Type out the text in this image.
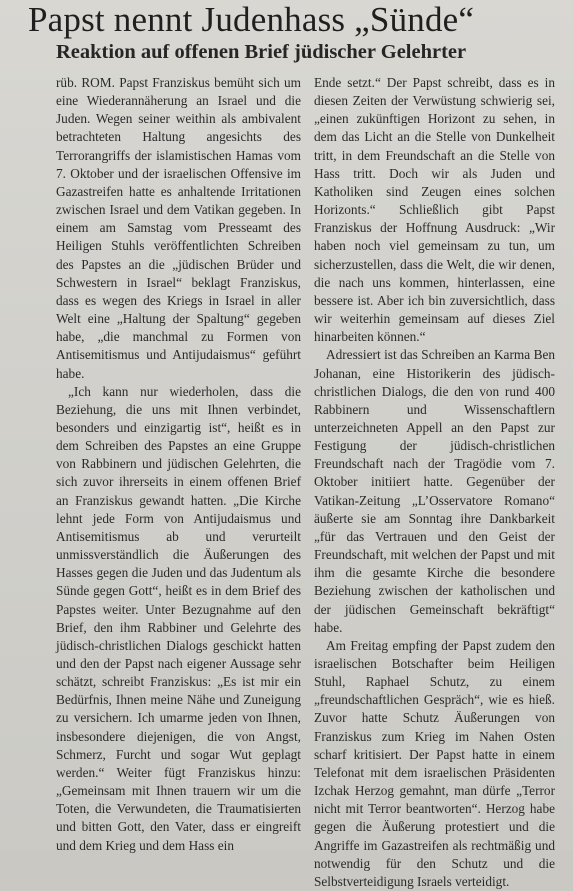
Papst nennt Judenhass „Sünde“
Reaktion auf offenen Brief jüdischer Gelehrter

rüb. ROM. Papst Franziskus bemüht sich um eine Wiederannäherung an Israel und die Juden. Wegen seiner weithin als ambivalent betrachteten Haltung angesichts des Terrorangriffs der islamistischen Hamas vom 7. Oktober und der israelischen Offensive im Gazastreifen hatte es anhaltende Irritationen zwischen Israel und dem Vatikan gegeben. In einem am Samstag vom Presseamt des Heiligen Stuhls veröffentlichten Schreiben des Papstes an die „jüdischen Brüder und Schwestern in Israel“ beklagt Franziskus, dass es wegen des Kriegs in Israel in aller Welt eine „Haltung der Spaltung“ gegeben habe, „die manchmal zu Formen von Antisemitismus und Antijudaismus“ geführt habe.

„Ich kann nur wiederholen, dass die Beziehung, die uns mit Ihnen verbindet, besonders und einzigartig ist“, heißt es in dem Schreiben des Papstes an eine Gruppe von Rabbinern und jüdischen Gelehrten, die sich zuvor ihrerseits in einem offenen Brief an Franziskus gewandt hatten. „Die Kirche lehnt jede Form von Antijudaismus und Antisemitismus ab und verurteilt unmissverständlich die Äußerungen des Hasses gegen die Juden und das Judentum als Sünde gegen Gott“, heißt es in dem Brief des Papstes weiter. Unter Bezugnahme auf den Brief, den ihm Rabbiner und Gelehrte des jüdisch-christlichen Dialogs geschickt hatten und den der Papst nach eigener Aussage sehr schätzt, schreibt Franziskus: „Es ist mir ein Bedürfnis, Ihnen meine Nähe und Zuneigung zu versichern. Ich umarme jeden von Ihnen, insbesondere diejenigen, die von Angst, Schmerz, Furcht und sogar Wut geplagt werden.“ Weiter fügt Franziskus hinzu: „Gemeinsam mit Ihnen trauern wir um die Toten, die Verwundeten, die Traumatisierten und bitten Gott, den Vater, dass er eingreift und dem Krieg und dem Hass ein

Ende setzt.“ Der Papst schreibt, dass es in diesen Zeiten der Verwüstung schwierig sei, „einen zukünftigen Horizont zu sehen, in dem das Licht an die Stelle von Dunkelheit tritt, in dem Freundschaft an die Stelle von Hass tritt. Doch wir als Juden und Katholiken sind Zeugen eines solchen Horizonts.“ Schließlich gibt Papst Franziskus der Hoffnung Ausdruck: „Wir haben noch viel gemeinsam zu tun, um sicherzustellen, dass die Welt, die wir denen, die nach uns kommen, hinterlassen, eine bessere ist. Aber ich bin zuversichtlich, dass wir weiterhin gemeinsam auf dieses Ziel hinarbeiten können.“

Adressiert ist das Schreiben an Karma Ben Johanan, eine Historikerin des jüdisch-christlichen Dialogs, die den von rund 400 Rabbinern und Wissenschaftlern unterzeichneten Appell an den Papst zur Festigung der jüdisch-christlichen Freundschaft nach der Tragödie vom 7. Oktober initiiert hatte. Gegenüber der Vatikan-Zeitung „L’Osservatore Romano“ äußerte sie am Sonntag ihre Dankbarkeit „für das Vertrauen und den Geist der Freundschaft, mit welchen der Papst und mit ihm die gesamte Kirche die besondere Beziehung zwischen der katholischen und der jüdischen Gemeinschaft bekräftigt“ habe.

Am Freitag empfing der Papst zudem den israelischen Botschafter beim Heiligen Stuhl, Raphael Schutz, zu einem „freundschaftlichen Gespräch“, wie es hieß. Zuvor hatte Schutz Äußerungen von Franziskus zum Krieg im Nahen Osten scharf kritisiert. Der Papst hatte in einem Telefonat mit dem israelischen Präsidenten Izchak Herzog gemahnt, man dürfe „Terror nicht mit Terror beantworten“. Herzog habe gegen die Äußerung protestiert und die Angriffe im Gazastreifen als rechtmäßig und notwendig für den Schutz und die Selbstverteidigung Israels verteidigt.
